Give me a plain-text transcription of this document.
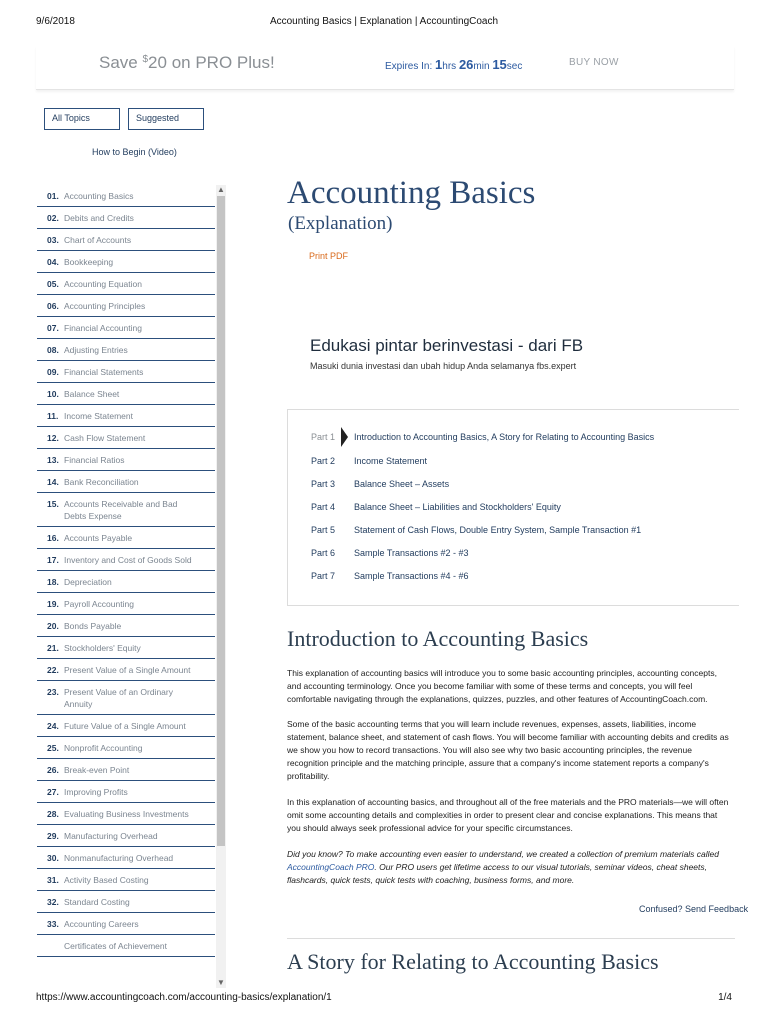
9/6/2018	Accounting Basics | Explanation | AccountingCoach
Save $20 on PRO Plus!	Expires In: 1hrs 26min 15sec	BUY NOW
All Topics	Suggested
How to Begin (Video)
01. Accounting Basics
02. Debits and Credits
03. Chart of Accounts
04. Bookkeeping
05. Accounting Equation
06. Accounting Principles
07. Financial Accounting
08. Adjusting Entries
09. Financial Statements
10. Balance Sheet
11. Income Statement
12. Cash Flow Statement
13. Financial Ratios
14. Bank Reconciliation
15. Accounts Receivable and Bad Debts Expense
16. Accounts Payable
17. Inventory and Cost of Goods Sold
18. Depreciation
19. Payroll Accounting
20. Bonds Payable
21. Stockholders' Equity
22. Present Value of a Single Amount
23. Present Value of an Ordinary Annuity
24. Future Value of a Single Amount
25. Nonprofit Accounting
26. Break-even Point
27. Improving Profits
28. Evaluating Business Investments
29. Manufacturing Overhead
30. Nonmanufacturing Overhead
31. Activity Based Costing
32. Standard Costing
33. Accounting Careers
Certificates of Achievement
▲
▼
Accounting Basics
(Explanation)
Print PDF
Edukasi pintar berinvestasi - dari FB
Masuki dunia investasi dan ubah hidup Anda selamanya fbs.expert
Part 1 Introduction to Accounting Basics, A Story for Relating to Accounting Basics
Part 2 Income Statement
Part 3 Balance Sheet – Assets
Part 4 Balance Sheet – Liabilities and Stockholders' Equity
Part 5 Statement of Cash Flows, Double Entry System, Sample Transaction #1
Part 6 Sample Transactions #2 - #3
Part 7 Sample Transactions #4 - #6
Introduction to Accounting Basics
This explanation of accounting basics will introduce you to some basic accounting principles, accounting concepts,
and accounting terminology. Once you become familiar with some of these terms and concepts, you will feel
comfortable navigating through the explanations, quizzes, puzzles, and other features of AccountingCoach.com.
Some of the basic accounting terms that you will learn include revenues, expenses, assets, liabilities, income
statement, balance sheet, and statement of cash flows. You will become familiar with accounting debits and credits as
we show you how to record transactions. You will also see why two basic accounting principles, the revenue
recognition principle and the matching principle, assure that a company's income statement reports a company's
profitability.
In this explanation of accounting basics, and throughout all of the free materials and the PRO materials—we will often
omit some accounting details and complexities in order to present clear and concise explanations. This means that
you should always seek professional advice for your specific circumstances.
Did you know? To make accounting even easier to understand, we created a collection of premium materials called
AccountingCoach PRO. Our PRO users get lifetime access to our visual tutorials, seminar videos, cheat sheets,
flashcards, quick tests, quick tests with coaching, business forms, and more.
Confused? Send Feedback
A Story for Relating to Accounting Basics
https://www.accountingcoach.com/accounting-basics/explanation/1	1/4
